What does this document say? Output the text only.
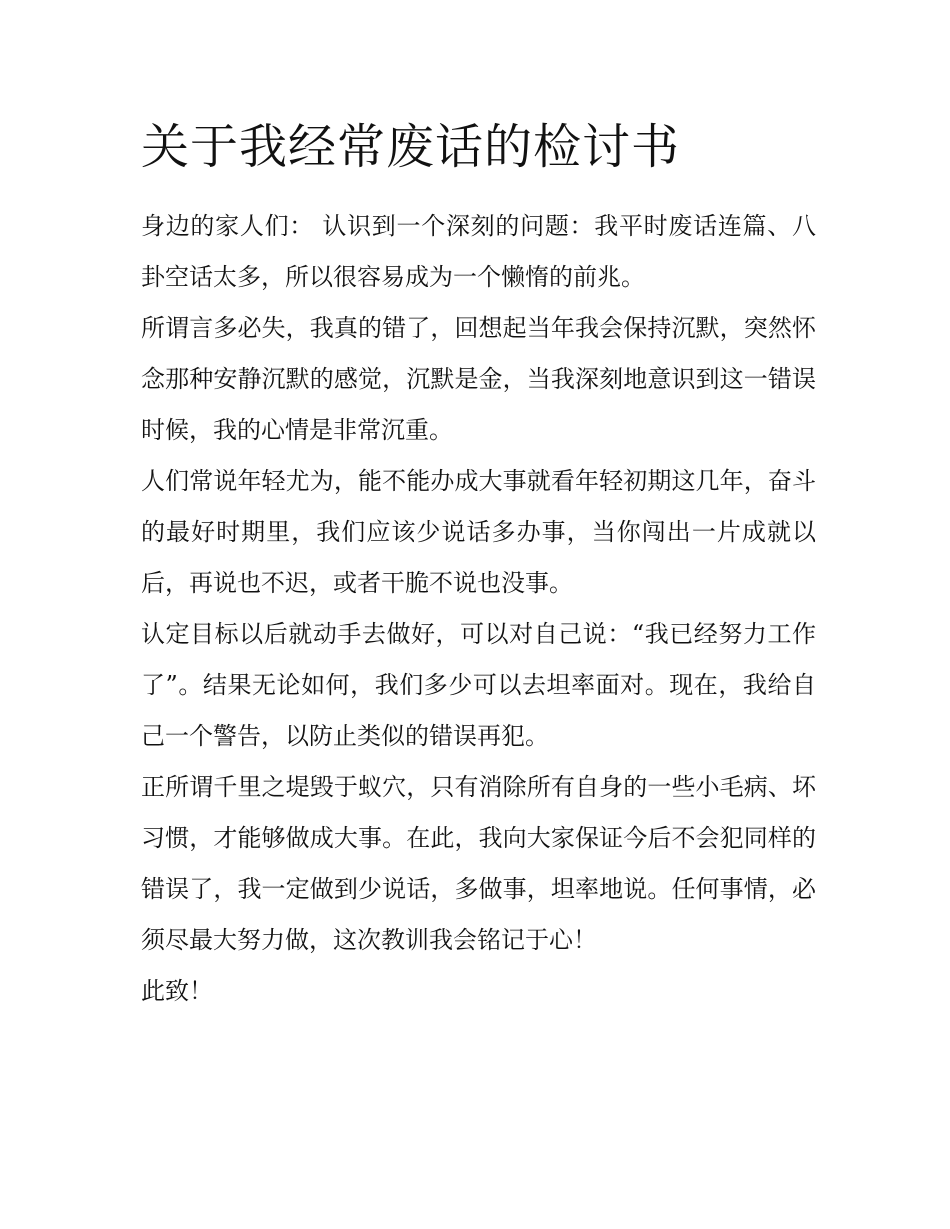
关于我经常废话的检讨书

身边的家人们： 认识到一个深刻的问题：我平时废话连篇、八卦空话太多，所以很容易成为一个懒惰的前兆。

所谓言多必失，我真的错了，回想起当年我会保持沉默，突然怀念那种安静沉默的感觉，沉默是金，当我深刻地意识到这一错误时候，我的心情是非常沉重。

人们常说年轻尤为，能不能办成大事就看年轻初期这几年，奋斗的最好时期里，我们应该少说话多办事，当你闯出一片成就以后，再说也不迟，或者干脆不说也没事。

认定目标以后就动手去做好，可以对自己说：“我已经努力工作了”。结果无论如何，我们多少可以去坦率面对。现在，我给自己一个警告，以防止类似的错误再犯。

正所谓千里之堤毁于蚁穴，只有消除所有自身的一些小毛病、坏习惯，才能够做成大事。在此，我向大家保证今后不会犯同样的错误了，我一定做到少说话，多做事，坦率地说。任何事情，必须尽最大努力做，这次教训我会铭记于心！

此致！
